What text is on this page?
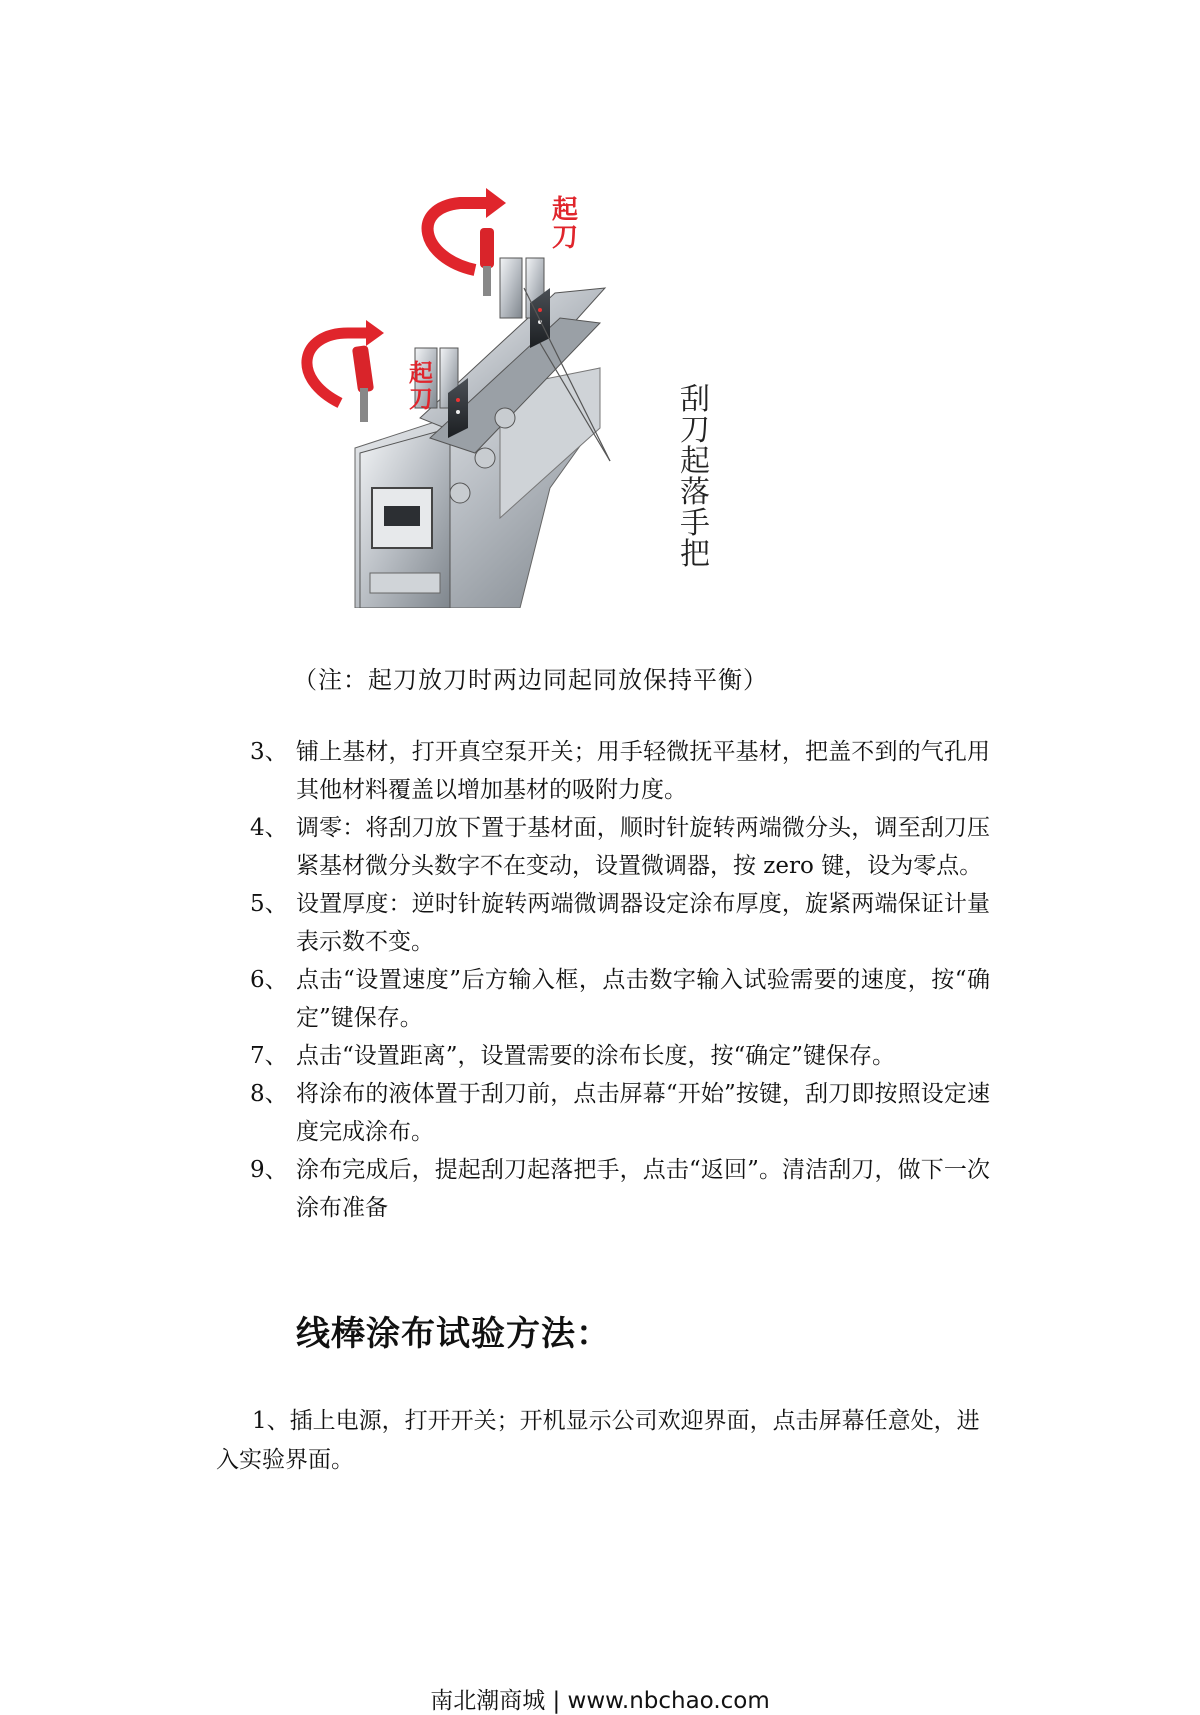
起刀
起刀	刮刀起落手把
（注：起刀放刀时两边同起同放保持平衡）
3、 铺上基材，打开真空泵开关；用手轻微抚平基材，把盖不到的气孔用其他材料覆盖以增加基材的吸附力度。
4、 调零：将刮刀放下置于基材面，顺时针旋转两端微分头，调至刮刀压紧基材微分头数字不在变动，设置微调器，按 zero 键，设为零点。
5、 设置厚度：逆时针旋转两端微调器设定涂布厚度，旋紧两端保证计量表示数不变。
6、 点击“设置速度”后方输入框，点击数字输入试验需要的速度，按“确定”键保存。
7、 点击“设置距离”，设置需要的涂布长度，按“确定”键保存。
8、 将涂布的液体置于刮刀前，点击屏幕“开始”按键，刮刀即按照设定速度完成涂布。
9、 涂布完成后，提起刮刀起落把手，点击“返回”。清洁刮刀，做下一次涂布准备
线棒涂布试验方法：
1、插上电源，打开开关；开机显示公司欢迎界面，点击屏幕任意处，进入实验界面。
南北潮商城 | www.nbchao.com
